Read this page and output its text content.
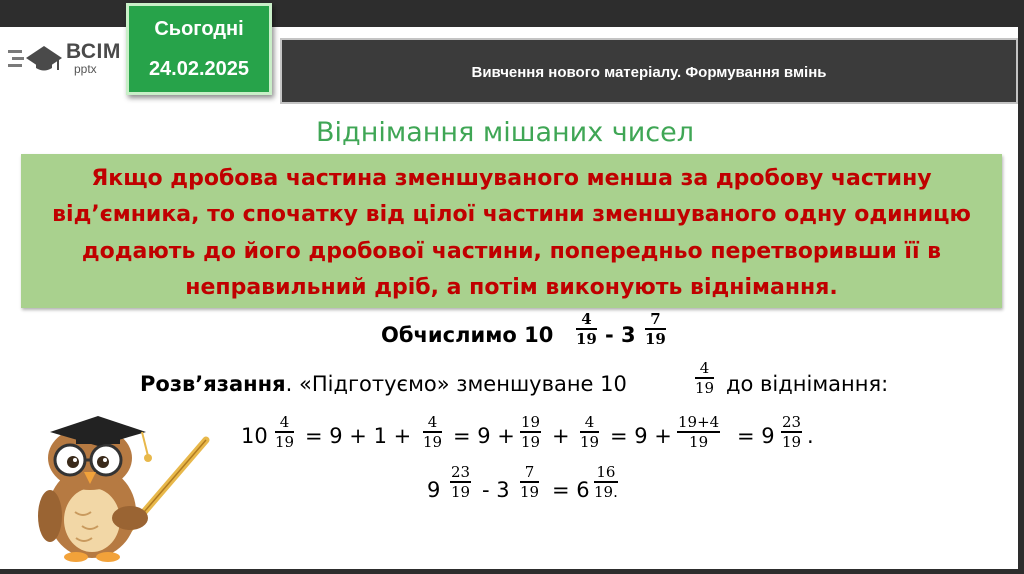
ВСІМ
pptx
Сьогодні
24.02.2025	Вивчення нового матеріалу. Формування вмінь
Віднімання мішаних чисел
Якщо дробова частина зменшуваного менша за дробову частину
від’ємника, то спочатку від цілої частини зменшуваного одну одиницю
додають до його дробової частини, попередньо перетворивши її в
неправильний дріб, а потім виконують віднімання.
Обчислимо 10
4
19 - 3
7
19
Розв’язання. «Підготуємо» зменшуване 10
4
19 до віднімання:
10
4
19 = 9 + 1 +
4
19 = 9 +
19
19 +
4
19 = 9 +
19+4
19 = 9
23
19 .
9
23
19 - 3
7
19 = 6
16
19.
